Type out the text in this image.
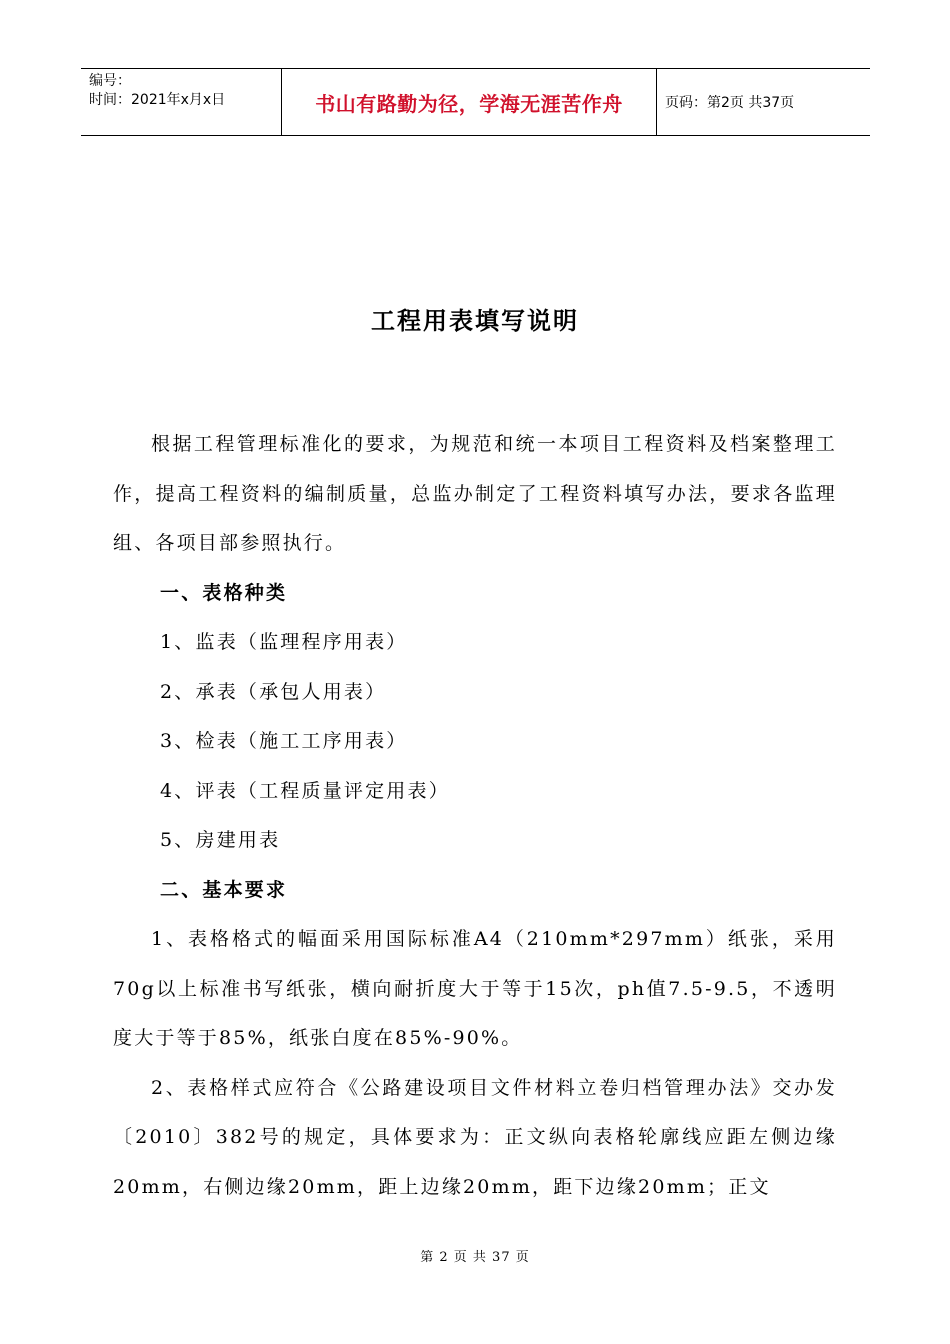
编号：
时间：2021年x月x日	书山有路勤为径，学海无涯苦作舟	页码：第2页 共37页
工程用表填写说明

根据工程管理标准化的要求，为规范和统一本项目工程资料及档案整理工作，提高工程资料的编制质量，总监办制定了工程资料填写办法，要求各监理组、各项目部参照执行。

一、表格种类

1、监表（监理程序用表）

2、承表（承包人用表）

3、检表（施工工序用表）

4、评表（工程质量评定用表）

5、房建用表

二、基本要求

1、表格格式的幅面采用国际标准A4（210mm*297mm）纸张，采用70g以上标准书写纸张，横向耐折度大于等于15次，ph值7.5-9.5，不透明度大于等于85%，纸张白度在85%-90%。

2、表格样式应符合《公路建设项目文件材料立卷归档管理办法》交办发〔2010〕382号的规定，具体要求为：正文纵向表格轮廓线应距左侧边缘20mm，右侧边缘20mm，距上边缘20mm，距下边缘20mm；正文

第 2 页 共 37 页
